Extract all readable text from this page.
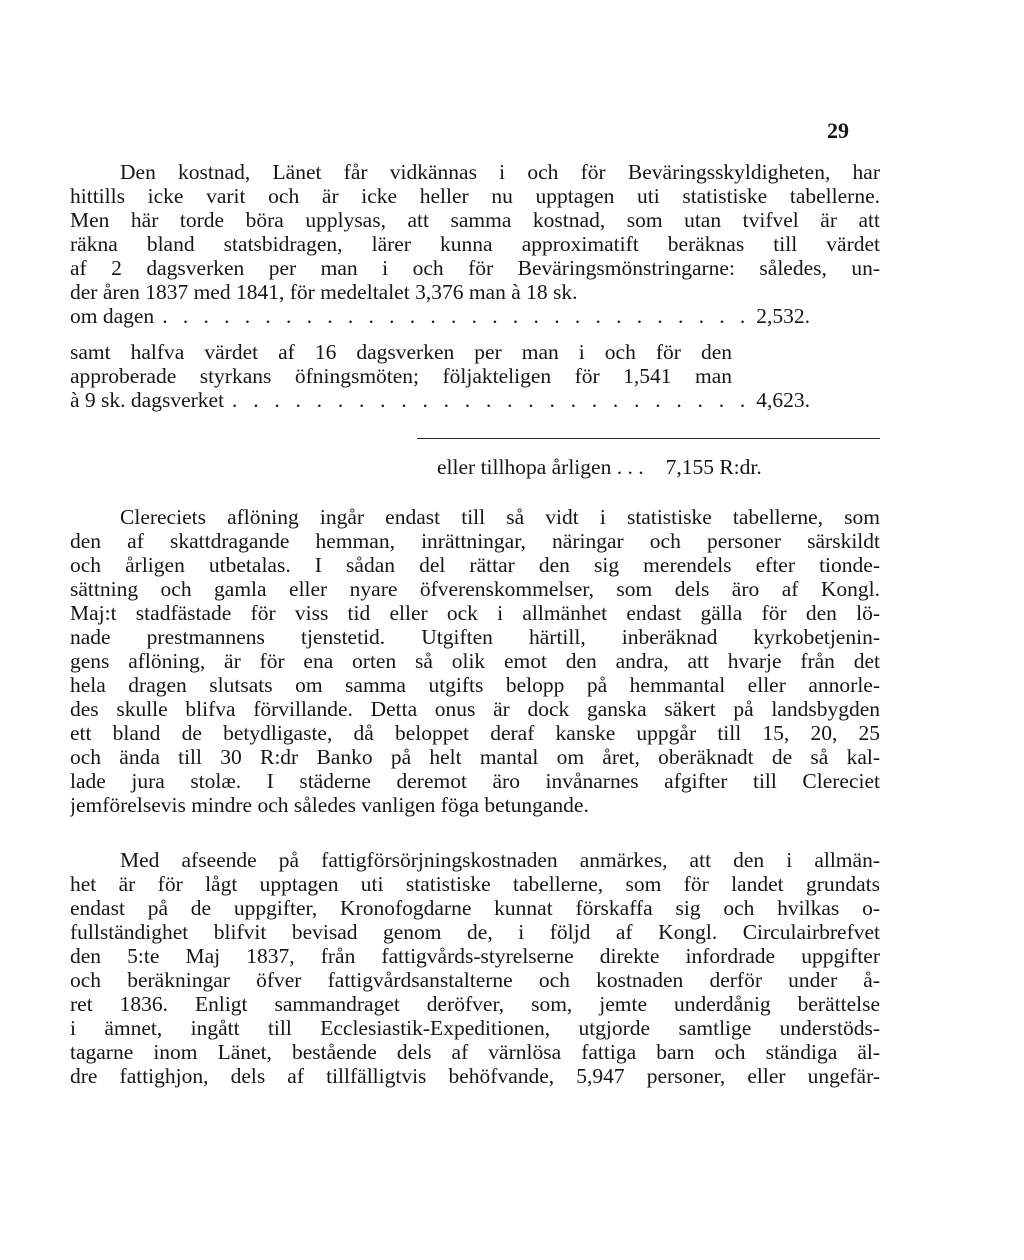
29
Den kostnad, Länet får vidkännas i och för Beväringsskyldigheten, har
hittills icke varit och är icke heller nu upptagen uti statistiske tabellerne.
Men här torde böra upplysas, att samma kostnad, som utan tvifvel är att
räkna bland statsbidragen, lärer kunna approximatift beräknas till värdet
af 2 dagsverken per man i och för Beväringsmönstringarne: således, un-
der åren 1837 med 1841, för medeltalet 3,376 man à 18 sk.
om dagen . . . . . . . . . . . . . . . . . . . . . . . . . . . . . 2,532.
samt halfva värdet af 16 dagsverken per man i och för den
approberade styrkans öfningsmöten; följakteligen för 1,541 man
à 9 sk. dagsverket . . . . . . . . . . . . . . . . . . . . . . . . . 4,623.
eller tillhopa årligen . . . 7,155 R:dr.
Clereciets aflöning ingår endast till så vidt i statistiske tabellerne, som
den af skattdragande hemman, inrättningar, näringar och personer särskildt
och årligen utbetalas. I sådan del rättar den sig merendels efter tionde-
sättning och gamla eller nyare öfverenskommelser, som dels äro af Kongl.
Maj:t stadfästade för viss tid eller ock i allmänhet endast gälla för den lö-
nade prestmannens tjenstetid. Utgiften härtill, inberäknad kyrkobetjenin-
gens aflöning, är för ena orten så olik emot den andra, att hvarje från det
hela dragen slutsats om samma utgifts belopp på hemmantal eller annorle-
des skulle blifva förvillande. Detta onus är dock ganska säkert på landsbygden
ett bland de betydligaste, då beloppet deraf kanske uppgår till 15, 20, 25
och ända till 30 R:dr Banko på helt mantal om året, oberäknadt de så kal-
lade jura stolæ. I städerne deremot äro invånarnes afgifter till Clereciet
jemförelsevis mindre och således vanligen föga betungande.
Med afseende på fattigförsörjningskostnaden anmärkes, att den i allmän-
het är för lågt upptagen uti statistiske tabellerne, som för landet grundats
endast på de uppgifter, Kronofogdarne kunnat förskaffa sig och hvilkas o-
fullständighet blifvit bevisad genom de, i följd af Kongl. Circulairbrefvet
den 5:te Maj 1837, från fattigvårds-styrelserne direkte infordrade uppgifter
och beräkningar öfver fattigvårdsanstalterne och kostnaden derför under å-
ret 1836. Enligt sammandraget deröfver, som, jemte underdånig berättelse
i ämnet, ingått till Ecclesiastik-Expeditionen, utgjorde samtlige understöds-
tagarne inom Länet, bestående dels af värnlösa fattiga barn och ständiga äl-
dre fattighjon, dels af tillfälligtvis behöfvande, 5,947 personer, eller ungefär-
